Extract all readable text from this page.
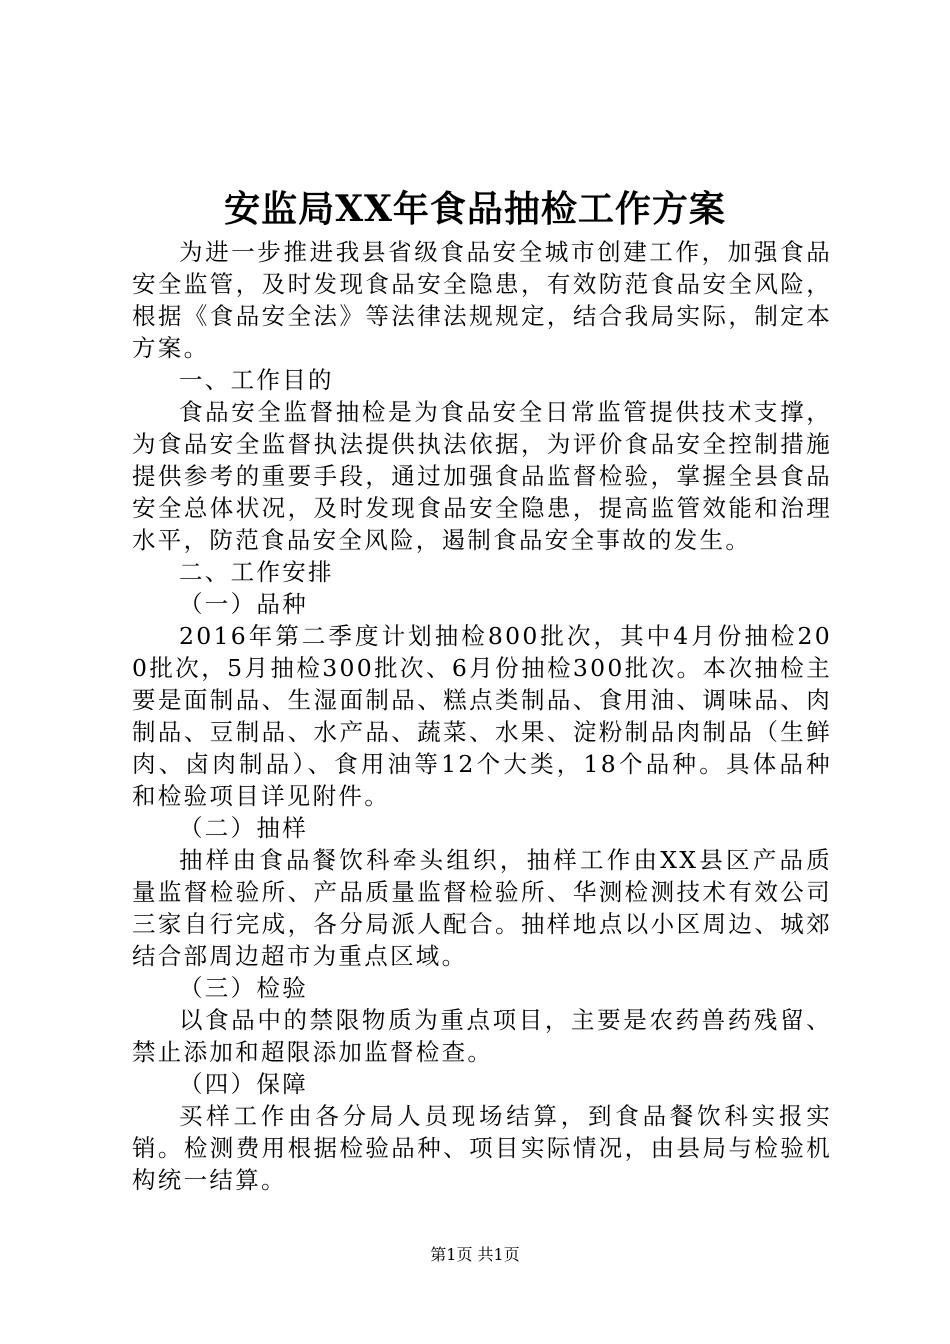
安监局XX年食品抽检工作方案

为进一步推进我县省级食品安全城市创建工作，加强食品安全监管，及时发现食品安全隐患，有效防范食品安全风险，根据《食品安全法》等法律法规规定，结合我局实际，制定本方案。

一、工作目的

食品安全监督抽检是为食品安全日常监管提供技术支撑，为食品安全监督执法提供执法依据，为评价食品安全控制措施提供参考的重要手段，通过加强食品监督检验，掌握全县食品安全总体状况，及时发现食品安全隐患，提高监管效能和治理水平，防范食品安全风险，遏制食品安全事故的发生。

二、工作安排

（一）品种

2016年第二季度计划抽检800批次，其中4月份抽检200批次，5月抽检300批次、6月份抽检300批次。本次抽检主要是面制品、生湿面制品、糕点类制品、食用油、调味品、肉制品、豆制品、水产品、蔬菜、水果、淀粉制品肉制品（生鲜肉、卤肉制品）、食用油等12个大类，18个品种。具体品种和检验项目详见附件。

（二）抽样

抽样由食品餐饮科牵头组织，抽样工作由XX县区产品质量监督检验所、产品质量监督检验所、华测检测技术有效公司三家自行完成，各分局派人配合。抽样地点以小区周边、城郊结合部周边超市为重点区域。

（三）检验

以食品中的禁限物质为重点项目，主要是农药兽药残留、禁止添加和超限添加监督检查。

（四）保障

买样工作由各分局人员现场结算，到食品餐饮科实报实销。检测费用根据检验品种、项目实际情况，由县局与检验机构统一结算。

第1页 共1页
